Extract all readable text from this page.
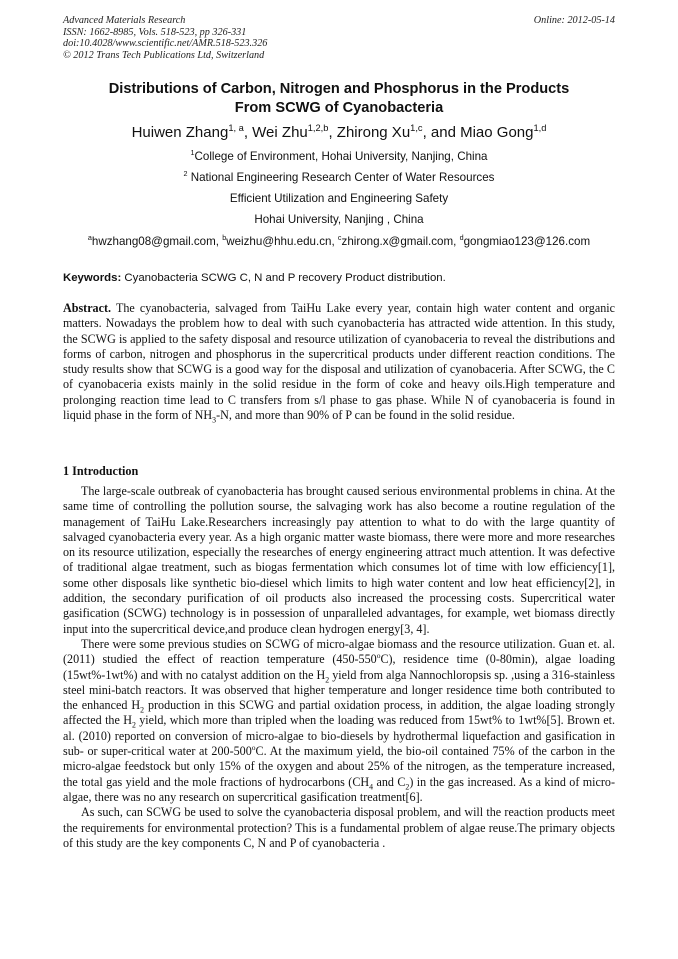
Advanced Materials Research
ISSN: 1662-8985, Vols. 518-523, pp 326-331
doi:10.4028/www.scientific.net/AMR.518-523.326
© 2012 Trans Tech Publications Ltd, Switzerland
Online: 2012-05-14
Distributions of Carbon, Nitrogen and Phosphorus in the Products
From SCWG of Cyanobacteria
Huiwen Zhang$^{1, a}$, Wei Zhu$^{1,2,b}$, Zhirong Xu$^{1,c}$, and Miao Gong$^{1,d}$
$^1$College of Environment, Hohai University, Nanjing, China
$^2$ National Engineering Research Center of Water Resources
Efficient Utilization and Engineering Safety
Hohai University, Nanjing , China
$^a$hwzhang08@gmail.com, $^b$weizhu@hhu.edu.cn, $^c$zhirong.x@gmail.com, $^d$gongmiao123@126.com
Keywords: Cyanobacteria SCWG C, N and P recovery Product distribution.

Abstract. The cyanobacteria, salvaged from TaiHu Lake every year, contain high water content and organic matters. Nowadays the problem how to deal with such cyanobacteria has attracted wide attention. In this study, the SCWG is applied to the safety disposal and resource utilization of cyanobaceria to reveal the distributions and forms of carbon, nitrogen and phosphorus in the supercritical products under different reaction conditions. The study results show that SCWG is a good way for the disposal and utilization of cyanobaceria. After SCWG, the C of cyanobaceria exists mainly in the solid residue in the form of coke and heavy oils.High temperature and prolonging reaction time lead to C transfers from s/l phase to gas phase. While N of cyanobaceria is found in liquid phase in the form of $NH_3-N$, and more than 90% of P can be found in the solid residue.

1 Introduction

The large-scale outbreak of cyanobacteria has brought caused serious environmental problems in china. At the same time of controlling the pollution sourse, the salvaging work has also become a routine regulation of the management of TaiHu Lake.Researchers increasingly pay attention to what to do with the large quantity of salvaged cyanobacteria every year. As a high organic matter waste biomass, there were more and more researches on its resource utilization, especially the researches of energy engineering attract much attention. It was defective of traditional algae treatment, such as biogas fermentation which consumes lot of time with low efficiency[1], some other disposals like synthetic bio-diesel which limits to high water content and low heat efficiency[2], in addition, the secondary purification of oil products also increased the processing costs. Supercritical water gasification (SCWG) technology is in possession of unparalleled advantages, for example, wet biomass directly input into the supercritical device,and produce clean hydrogen energy[3, 4].

There were some previous studies on SCWG of micro-algae biomass and the resource utilization. Guan et. al. (2011) studied the effect of reaction temperature (450-550$^o$C), residence time (0-80min), algae loading (15wt%-1wt%) and with no catalyst addition on the $H_2$ yield from alga Nannochloropsis sp. ,using a 316-stainless steel mini-batch reactors. It was observed that higher temperature and longer residence time both contributed to the enhanced $H_2$ production in this SCWG and partial oxidation process, in addition, the algae loading strongly affected the $H_2$ yield, which more than tripled when the loading was reduced from 15wt% to 1wt%[5]. Brown et. al. (2010) reported on conversion of micro-algae to bio-diesels by hydrothermal liquefaction and gasification in sub- or super-critical water at 200-500$^o$C. At the maximum yield, the bio-oil contained 75% of the carbon in the micro-algae feedstock but only 15% of the oxygen and about 25% of the nitrogen, as the temperature increased, the total gas yield and the mole fractions of hydrocarbons ($CH_4$ and $C_2$) in the gas increased. As a kind of micro-algae, there was no any research on supercritical gasification treatment[6].

As such, can SCWG be used to solve the cyanobacteria disposal problem, and will the reaction products meet the requirements for environmental protection? This is a fundamental problem of algae reuse.The primary objects of this study are the key components C, N and P of cyanobacteria .
